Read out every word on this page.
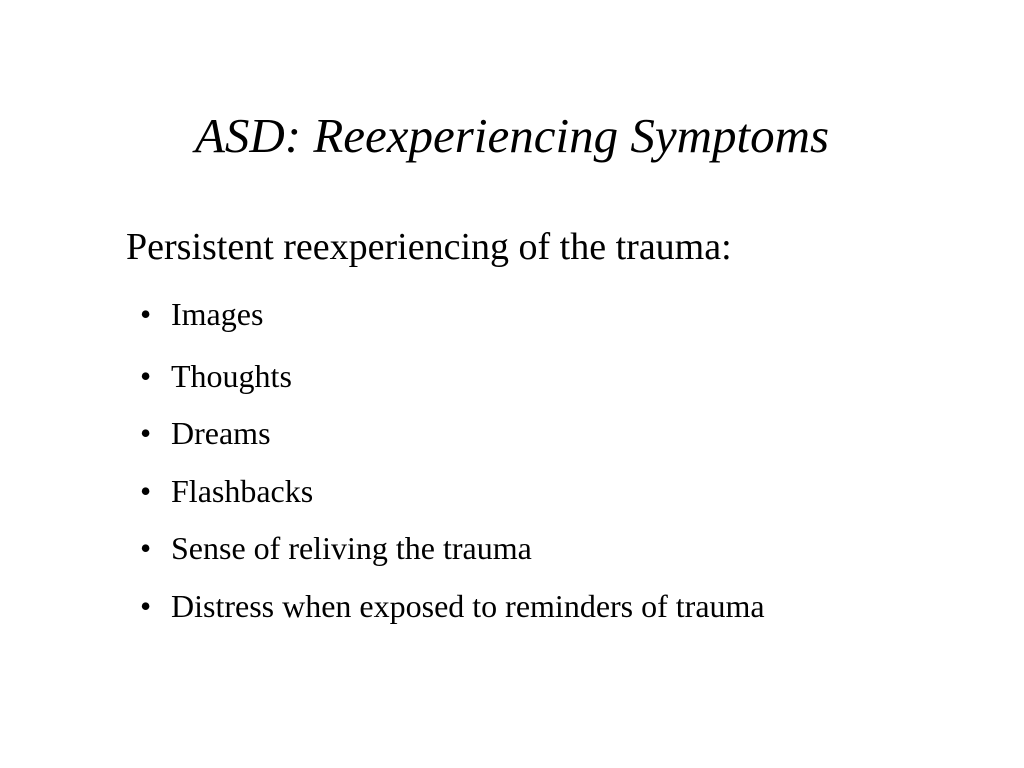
ASD: Reexperiencing Symptoms

Persistent reexperiencing of the trauma:

• Images
• Thoughts
• Dreams
• Flashbacks
• Sense of reliving the trauma
• Distress when exposed to reminders of trauma
